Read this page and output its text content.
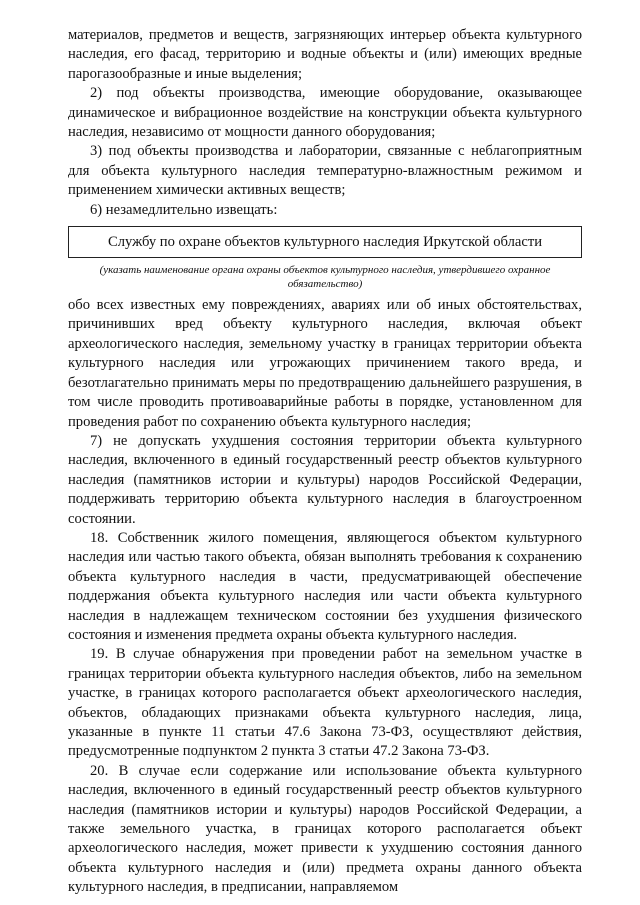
материалов, предметов и веществ, загрязняющих интерьер объекта культурного наследия, его фасад, территорию и водные объекты и (или) имеющих вредные парогазообразные и иные выделения;

2) под объекты производства, имеющие оборудование, оказывающее динамическое и вибрационное воздействие на конструкции объекта культурного наследия, независимо от мощности данного оборудования;

3) под объекты производства и лаборатории, связанные с неблагоприятным для объекта культурного наследия температурно-влажностным режимом и применением химически активных веществ;

6) незамедлительно извещать:

Службу по охране объектов культурного наследия Иркутской области
(указать наименование органа охраны объектов культурного наследия, утвердившего охранное обязательство)

обо всех известных ему повреждениях, авариях или об иных обстоятельствах, причинивших вред объекту культурного наследия, включая объект археологического наследия, земельному участку в границах территории объекта культурного наследия или угрожающих причинением такого вреда, и безотлагательно принимать меры по предотвращению дальнейшего разрушения, в том числе проводить противоаварийные работы в порядке, установленном для проведения работ по сохранению объекта культурного наследия;

7) не допускать ухудшения состояния территории объекта культурного наследия, включенного в единый государственный реестр объектов культурного наследия (памятников истории и культуры) народов Российской Федерации, поддерживать территорию объекта культурного наследия в благоустроенном состоянии.

18. Собственник жилого помещения, являющегося объектом культурного наследия или частью такого объекта, обязан выполнять требования к сохранению объекта культурного наследия в части, предусматривающей обеспечение поддержания объекта культурного наследия или части объекта культурного наследия в надлежащем техническом состоянии без ухудшения физического состояния и изменения предмета охраны объекта культурного наследия.

19. В случае обнаружения при проведении работ на земельном участке в границах территории объекта культурного наследия объектов, либо на земельном участке, в границах которого располагается объект археологического наследия, объектов, обладающих признаками объекта культурного наследия, лица, указанные в пункте 11 статьи 47.6 Закона 73-ФЗ, осуществляют действия, предусмотренные подпунктом 2 пункта 3 статьи 47.2 Закона 73-ФЗ.

20. В случае если содержание или использование объекта культурного наследия, включенного в единый государственный реестр объектов культурного наследия (памятников истории и культуры) народов Российской Федерации, а также земельного участка, в границах которого располагается объект археологического наследия, может привести к ухудшению состояния данного объекта культурного наследия и (или) предмета охраны данного объекта культурного наследия, в предписании, направляемом
